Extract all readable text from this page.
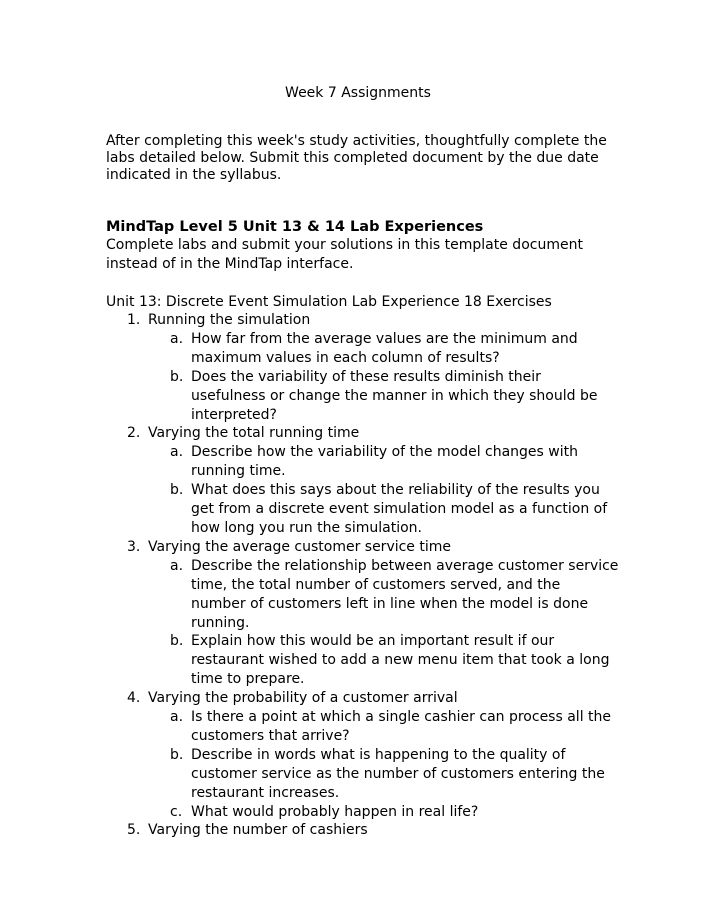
Week 7 Assignments
After completing this week's study activities, thoughtfully complete the labs detailed below. Submit this completed document by the due date indicated in the syllabus.
MindTap Level 5 Unit 13 & 14 Lab Experiences
Complete labs and submit your solutions in this template document instead of in the MindTap interface.
Unit 13: Discrete Event Simulation Lab Experience 18 Exercises
1. Running the simulation
a. How far from the average values are the minimum and maximum values in each column of results?
b. Does the variability of these results diminish their usefulness or change the manner in which they should be interpreted?
2. Varying the total running time
a. Describe how the variability of the model changes with running time.
b. What does this says about the reliability of the results you get from a discrete event simulation model as a function of how long you run the simulation.
3. Varying the average customer service time
a. Describe the relationship between average customer service time, the total number of customers served, and the number of customers left in line when the model is done running.
b. Explain how this would be an important result if our restaurant wished to add a new menu item that took a long time to prepare.
4. Varying the probability of a customer arrival
a. Is there a point at which a single cashier can process all the customers that arrive?
b. Describe in words what is happening to the quality of customer service as the number of customers entering the restaurant increases.
c. What would probably happen in real life?
5. Varying the number of cashiers
